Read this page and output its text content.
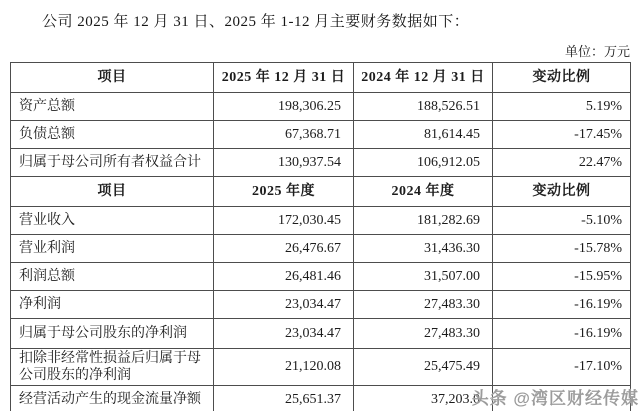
公司 2025 年 12 月 31 日、2025 年 1-12 月主要财务数据如下：
单位：万元
项目	2025 年 12 月 31 日	2024 年 12 月 31 日	变动比例
资产总额	198,306.25	188,526.51	5.19%
负债总额	67,368.71	81,614.45	-17.45%
归属于母公司所有者权益合计	130,937.54	106,912.05	22.47%
项目	2025 年度	2024 年度	变动比例
营业收入	172,030.45	181,282.69	-5.10%
营业利润	26,476.67	31,436.30	-15.78%
利润总额	26,481.46	31,507.00	-15.95%
净利润	23,034.47	27,483.30	-16.19%
归属于母公司股东的净利润	23,034.47	27,483.30	-16.19%
扣除非经常性损益后归属于母公司股东的净利润	21,120.08	25,475.49	-17.10%
经营活动产生的现金流量净额	25,651.37	37,203.0	
头条 @湾区财经传媒
